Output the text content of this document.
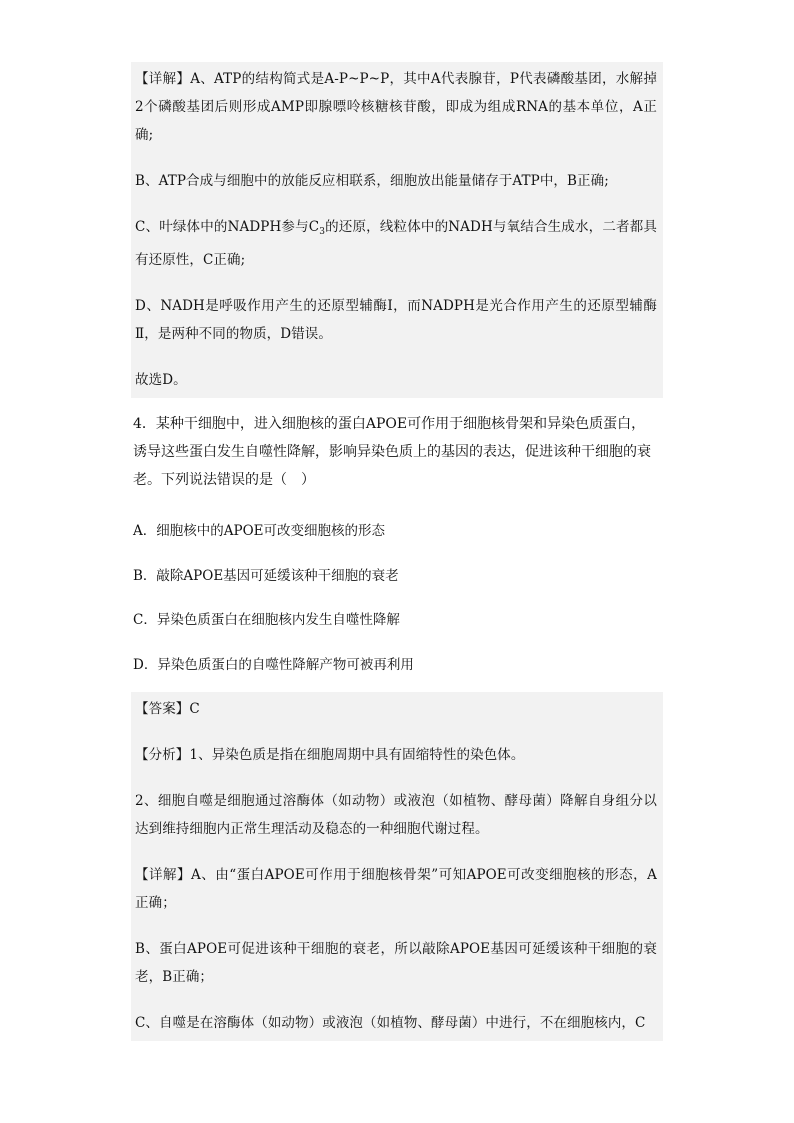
【详解】A、ATP的结构简式是A-P~P~P，其中A代表腺苷，P代表磷酸基团，水解掉2个磷酸基团后则形成AMP即腺嘌呤核糖核苷酸，即成为组成RNA的基本单位，A正确;
B、ATP合成与细胞中的放能反应相联系，细胞放出能量储存于ATP中，B正确;
C、叶绿体中的NADPH参与$C_3$的还原，线粒体中的NADH与氧结合生成水，二者都具有还原性，C正确;
D、NADH是呼吸作用产生的还原型辅酶Ⅰ，而NADPH是光合作用产生的还原型辅酶Ⅱ，是两种不同的物质，D错误。
故选D。
4．某种干细胞中，进入细胞核的蛋白APOE可作用于细胞核骨架和异染色质蛋白，诱导这些蛋白发生自噬性降解，影响异染色质上的基因的表达，促进该种干细胞的衰老。下列说法错误的是（　）
A．细胞核中的APOE可改变细胞核的形态
B．敲除APOE基因可延缓该种干细胞的衰老
C．异染色质蛋白在细胞核内发生自噬性降解
D．异染色质蛋白的自噬性降解产物可被再利用
【答案】C
【分析】1、异染色质是指在细胞周期中具有固缩特性的染色体。
2、细胞自噬是细胞通过溶酶体（如动物）或液泡（如植物、酵母菌）降解自身组分以达到维持细胞内正常生理活动及稳态的一种细胞代谢过程。
【详解】A、由“蛋白APOE可作用于细胞核骨架”可知APOE可改变细胞核的形态，A正确；
B、蛋白APOE可促进该种干细胞的衰老，所以敲除APOE基因可延缓该种干细胞的衰老，B正确；
C、自噬是在溶酶体（如动物）或液泡（如植物、酵母菌）中进行，不在细胞核内，C
